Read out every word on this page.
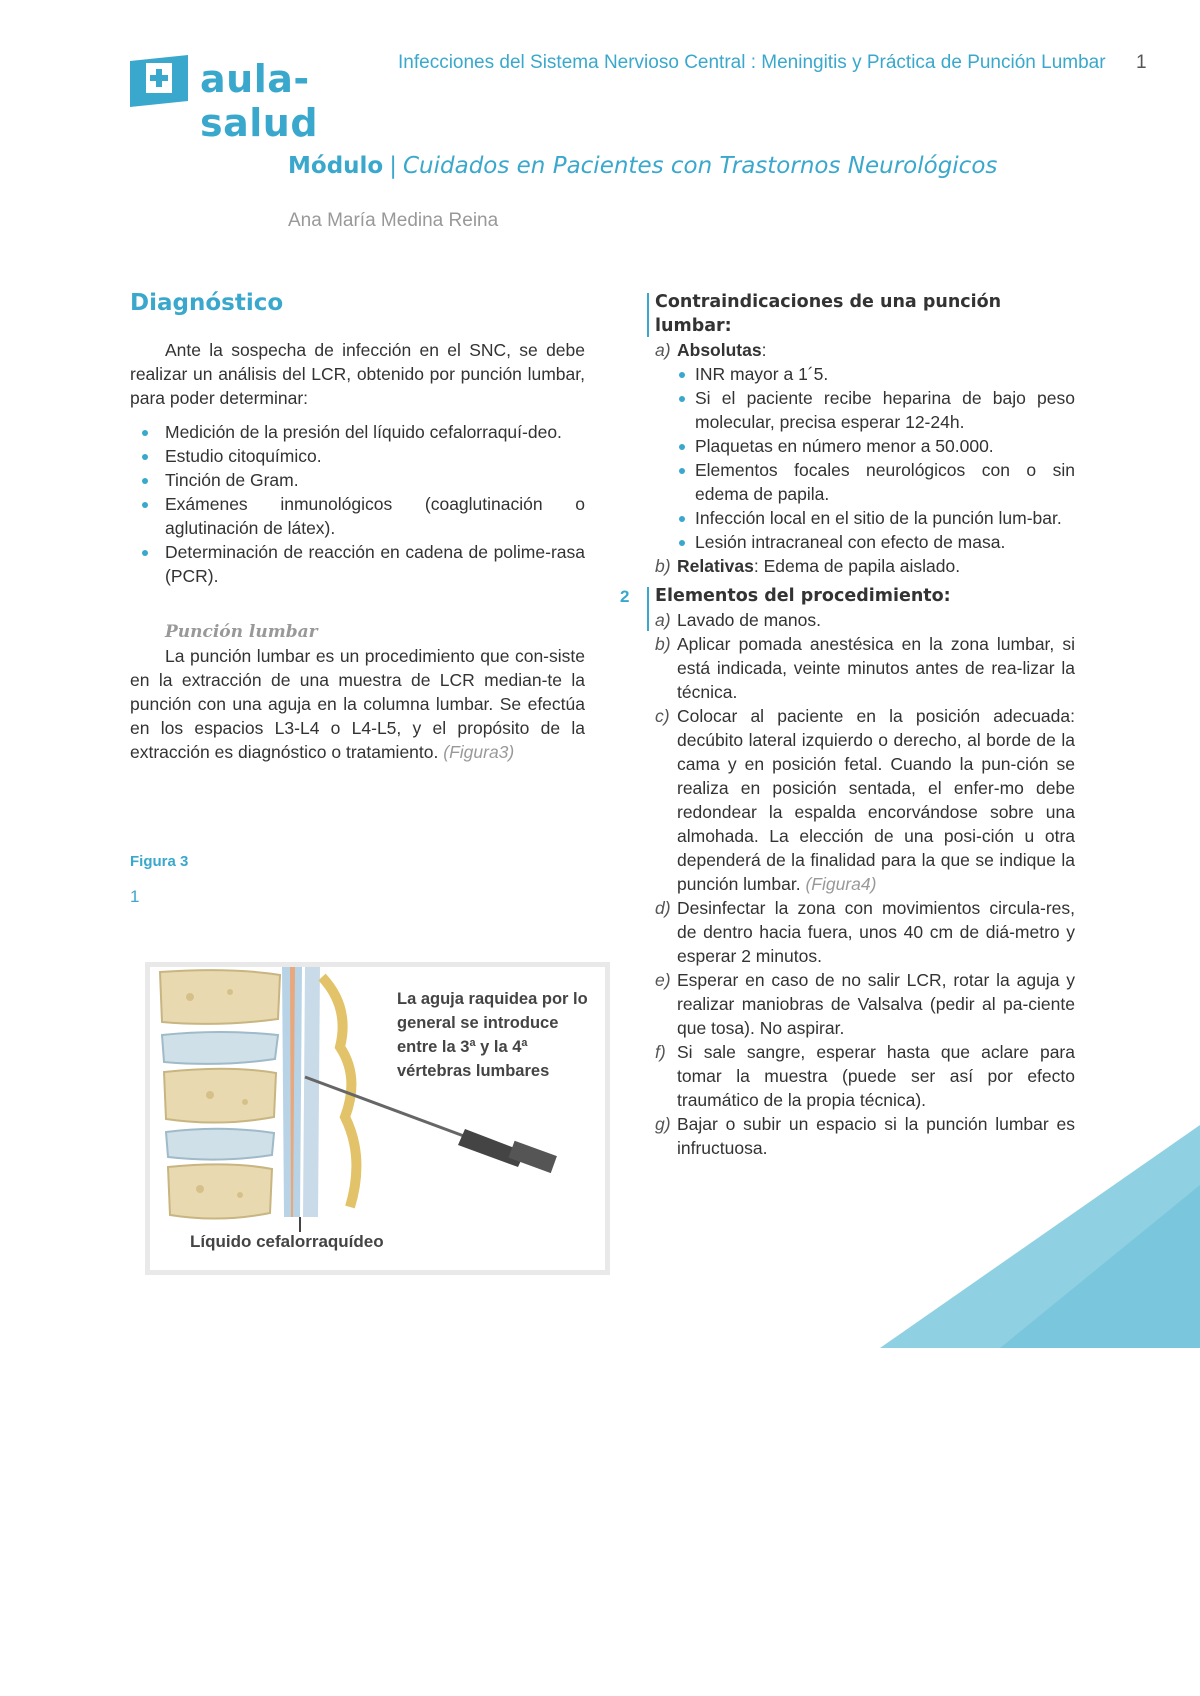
aula-salud
Infecciones del Sistema Nervioso Central : Meningitis y Práctica de Punción Lumbar 1
Módulo | Cuidados en Pacientes con Trastornos Neurológicos
Ana María Medina Reina
Diagnóstico

Ante la sospecha de infección en el SNC, se debe realizar un análisis del LCR, obtenido por punción lumbar, para poder determinar:

Medición de la presión del líquido cefalorraquí-deo.
Estudio citoquímico.
Tinción de Gram.
Exámenes inmunológicos (coaglutinación o aglutinación de látex).
Determinación de reacción en cadena de polime-rasa (PCR).
Punción lumbar

La punción lumbar es un procedimiento que con-siste en la extracción de una muestra de LCR median-te la punción con una aguja en la columna lumbar. Se efectúa en los espacios L3-L4 o L4-L5, y el propósito de la extracción es diagnóstico o tratamiento. (Figura3)

Figura 3
1
La aguja raquidea por lo general se introduce entre la 3ª y la 4ª vértebras lumbares
Líquido cefalorraquídeo
Contraindicaciones de una punción lumbar:
a) Absolutas:
INR mayor a 1´5.
Si el paciente recibe heparina de bajo peso molecular, precisa esperar 12-24h.
Plaquetas en número menor a 50.000.
Elementos focales neurológicos con o sin edema de papila.
Infección local en el sitio de la punción lum-bar.
Lesión intracraneal con efecto de masa.
b) Relativas: Edema de papila aislado.
Elementos del procedimiento:
a) Lavado de manos.
b) Aplicar pomada anestésica en la zona lumbar, si está indicada, veinte minutos antes de rea-lizar la técnica.
c) Colocar al paciente en la posición adecuada: decúbito lateral izquierdo o derecho, al borde de la cama y en posición fetal. Cuando la pun-ción se realiza en posición sentada, el enfer-mo debe redondear la espalda encorvándose sobre una almohada. La elección de una posi-ción u otra dependerá de la finalidad para la que se indique la punción lumbar. (Figura4)
d) Desinfectar la zona con movimientos circula-res, de dentro hacia fuera, unos 40 cm de diá-metro y esperar 2 minutos.
e) Esperar en caso de no salir LCR, rotar la aguja y realizar maniobras de Valsalva (pedir al pa-ciente que tosa). No aspirar.
f) Si sale sangre, esperar hasta que aclare para tomar la muestra (puede ser así por efecto traumático de la propia técnica).
g) Bajar o subir un espacio si la punción lumbar es infructuosa.
2
